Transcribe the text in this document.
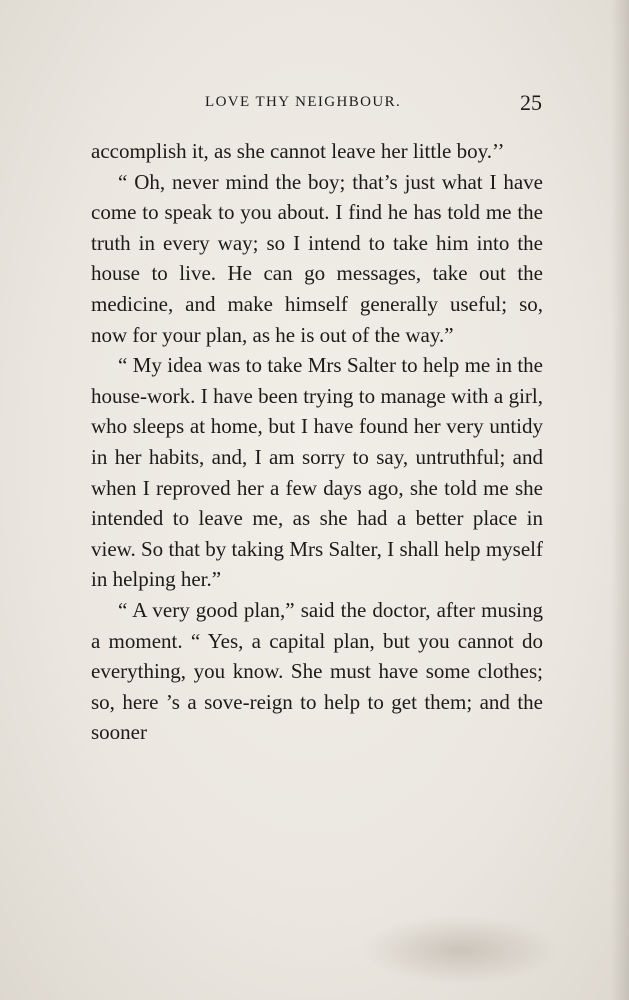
LOVE THY NEIGHBOUR.	25

accomplish it, as she cannot leave her little boy.’’

“ Oh, never mind the boy; that’s just what I have come to speak to you about. I find he has told me the truth in every way; so I intend to take him into the house to live. He can go messages, take out the medicine, and make himself generally useful; so, now for your plan, as he is out of the way.”

“ My idea was to take Mrs Salter to help me in the house-work. I have been trying to manage with a girl, who sleeps at home, but I have found her very untidy in her habits, and, I am sorry to say, untruthful; and when I reproved her a few days ago, she told me she intended to leave me, as she had a better place in view. So that by taking Mrs Salter, I shall help myself in helping her.”

“ A very good plan,” said the doctor, after musing a moment. “ Yes, a capital plan, but you cannot do everything, you know. She must have some clothes; so, here ’s a sove-reign to help to get them; and the sooner
